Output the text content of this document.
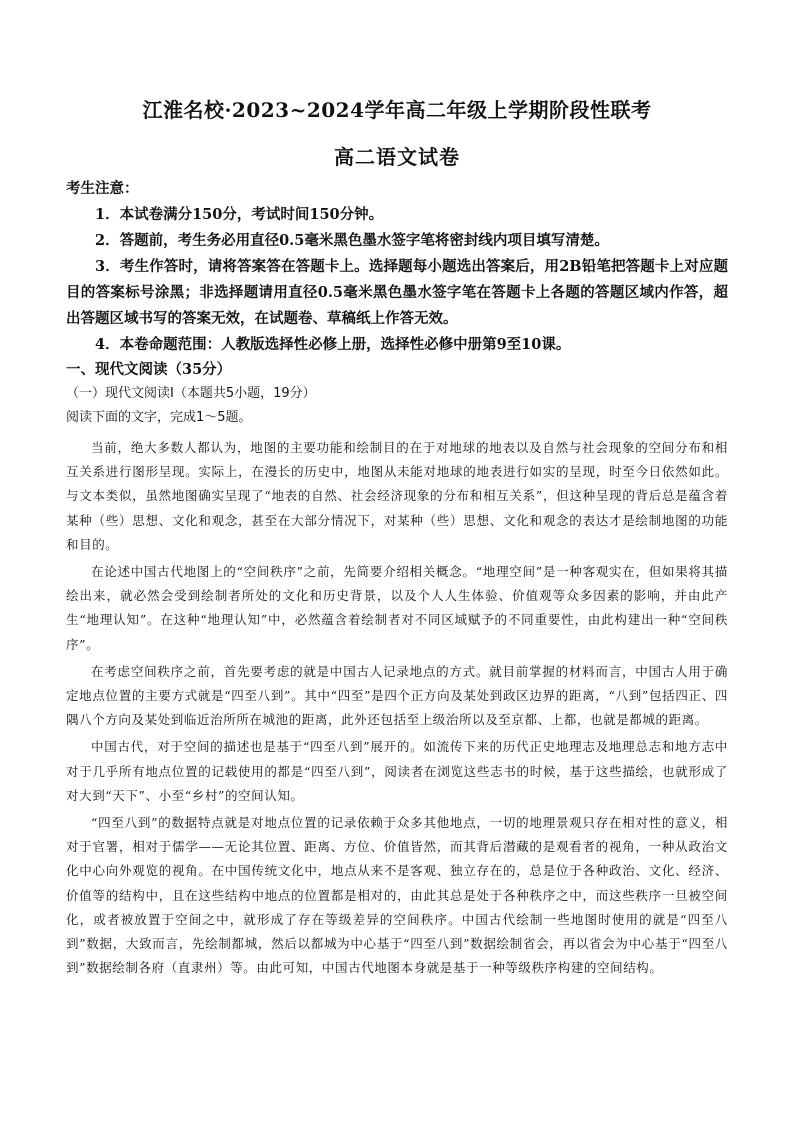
江淮名校·2023~2024学年高二年级上学期阶段性联考
高二语文试卷

考生注意：

1．本试卷满分150分，考试时间150分钟。

2．答题前，考生务必用直径0.5毫米黑色墨水签字笔将密封线内项目填写清楚。

3．考生作答时，请将答案答在答题卡上。选择题每小题选出答案后，用2B铅笔把答题卡上对应题目的答案标号涂黑；非选择题请用直径0.5毫米黑色墨水签字笔在答题卡上各题的答题区域内作答，超出答题区域书写的答案无效，在试题卷、草稿纸上作答无效。

4．本卷命题范围：人教版选择性必修上册，选择性必修中册第9至10课。

一、现代文阅读（35分）

（一）现代文阅读Ⅰ（本题共5小题，19分）

阅读下面的文字，完成1～5题。

当前，绝大多数人都认为，地图的主要功能和绘制目的在于对地球的地表以及自然与社会现象的空间分布和相互关系进行图形呈现。实际上，在漫长的历史中，地图从未能对地球的地表进行如实的呈现，时至今日依然如此。与文本类似，虽然地图确实呈现了“地表的自然、社会经济现象的分布和相互关系”，但这种呈现的背后总是蕴含着某种（些）思想、文化和观念，甚至在大部分情况下，对某种（些）思想、文化和观念的表达才是绘制地图的功能和目的。

在论述中国古代地图上的“空间秩序”之前，先简要介绍相关概念。“地理空间”是一种客观实在，但如果将其描绘出来，就必然会受到绘制者所处的文化和历史背景，以及个人人生体验、价值观等众多因素的影响，并由此产生“地理认知”。在这种“地理认知”中，必然蕴含着绘制者对不同区域赋予的不同重要性，由此构建出一种“空间秩序”。

在考虑空间秩序之前，首先要考虑的就是中国古人记录地点的方式。就目前掌握的材料而言，中国古人用于确定地点位置的主要方式就是“四至八到”。其中“四至”是四个正方向及某处到政区边界的距离，“八到”包括四正、四隅八个方向及某处到临近治所所在城池的距离，此外还包括至上级治所以及至京都、上都，也就是都城的距离。

中国古代，对于空间的描述也是基于“四至八到”展开的。如流传下来的历代正史地理志及地理总志和地方志中对于几乎所有地点位置的记载使用的都是“四至八到”，阅读者在浏览这些志书的时候，基于这些描绘，也就形成了对大到“天下”、小至“乡村”的空间认知。

“四至八到”的数据特点就是对地点位置的记录依赖于众多其他地点，一切的地理景观只存在相对性的意义，相对于官署，相对于儒学——无论其位置、距离、方位、价值皆然，而其背后潜藏的是观看者的视角，一种从政治文化中心向外观览的视角。在中国传统文化中，地点从来不是客观、独立存在的，总是位于各种政治、文化、经济、价值等的结构中，且在这些结构中地点的位置都是相对的，由此其总是处于各种秩序之中，而这些秩序一旦被空间化，或者被放置于空间之中，就形成了存在等级差异的空间秩序。中国古代绘制一些地图时使用的就是“四至八到”数据，大致而言，先绘制都城，然后以都城为中心基于“四至八到”数据绘制省会，再以省会为中心基于“四至八到”数据绘制各府（直隶州）等。由此可知，中国古代地图本身就是基于一种等级秩序构建的空间结构。
